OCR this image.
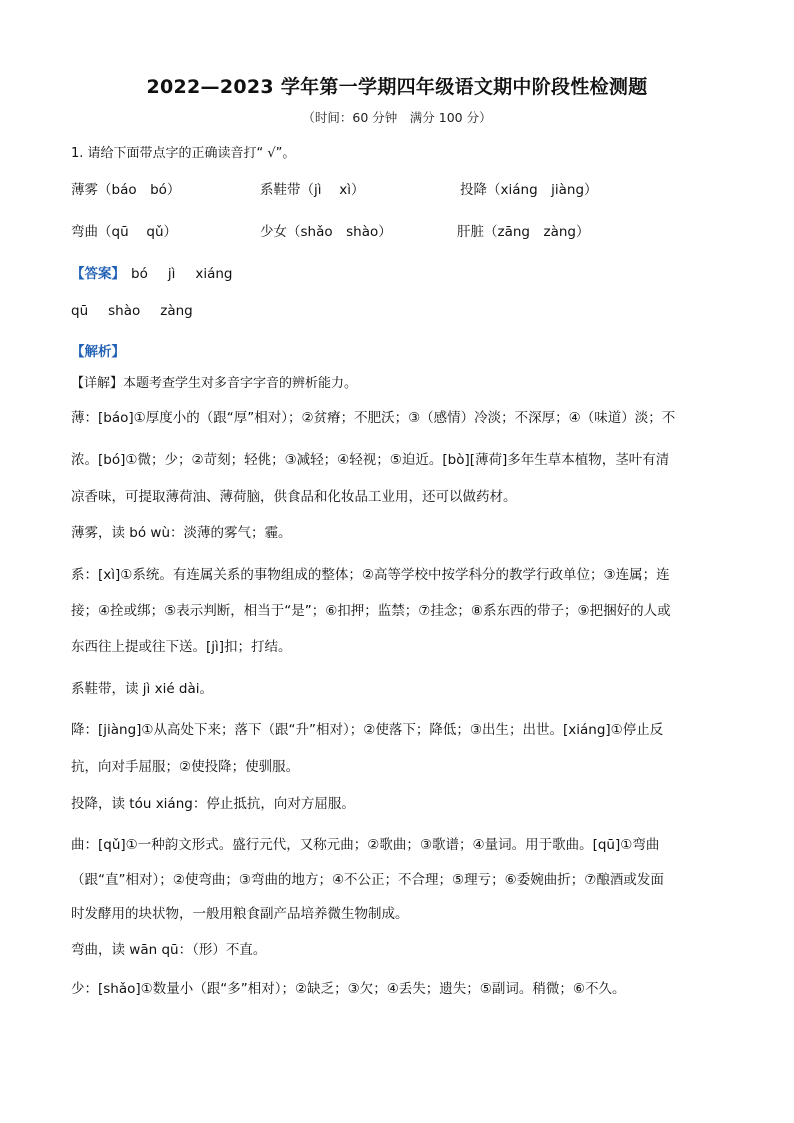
2022—2023 学年第一学期四年级语文期中阶段性检测题
（时间：60 分钟　满分 100 分）
1. 请给下面带点字的正确读音打“ √”。
薄雾（báo　bó）	系鞋带（jì　 xì）	投降（xiáng　jiàng）
弯曲（qū　 qǔ）	少女（shǎo　shào）	肝脏（zāng　zàng）
【答案】 bó jì xiáng
qū shào zàng
【解析】
【详解】本题考查学生对多音字字音的辨析能力。
薄：[báo]①厚度小的（跟“厚”相对）；②贫瘠；不肥沃；③（感情）冷淡；不深厚；④（味道）淡；不
浓。[bó]①微；少；②苛刻；轻佻；③减轻；④轻视；⑤迫近。[bò][薄荷]多年生草本植物，茎叶有清
凉香味，可提取薄荷油、薄荷脑，供食品和化妆品工业用，还可以做药材。
薄雾，读 bó wù：淡薄的雾气；霾。
系：[xì]①系统。有连属关系的事物组成的整体；②高等学校中按学科分的教学行政单位；③连属；连
接；④拴或绑；⑤表示判断，相当于“是”；⑥扣押；监禁；⑦挂念；⑧系东西的带子；⑨把捆好的人或
东西往上提或往下送。[jì]扣；打结。
系鞋带，读 jì xié dài。
降：[jiàng]①从高处下来；落下（跟“升”相对）；②使落下；降低；③出生；出世。[xiáng]①停止反
抗，向对手屈服；②使投降；使驯服。
投降，读 tóu xiáng：停止抵抗，向对方屈服。
曲：[qǔ]①一种韵文形式。盛行元代，又称元曲；②歌曲；③歌谱；④量词。用于歌曲。[qū]①弯曲
（跟“直”相对）；②使弯曲；③弯曲的地方；④不公正；不合理；⑤理亏；⑥委婉曲折；⑦酿酒或发面
时发酵用的块状物，一般用粮食副产品培养微生物制成。
弯曲，读 wān qū：（形）不直。
少：[shǎo]①数量小（跟“多”相对）；②缺乏；③欠；④丢失；遗失；⑤副词。稍微；⑥不久。
